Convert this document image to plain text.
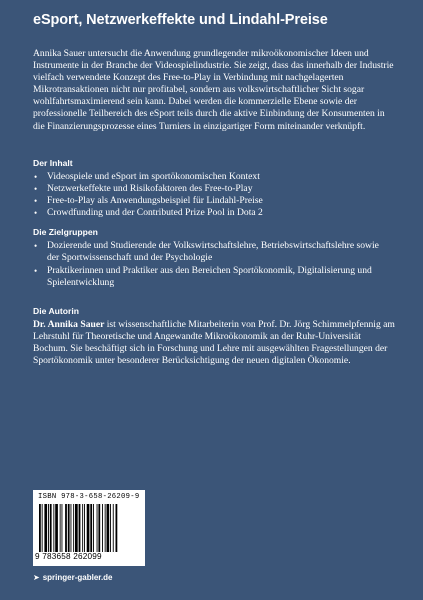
eSport, Netzwerkeffekte und Lindahl-Preise

Annika Sauer untersucht die Anwendung grundlegender mikroökonomischer Ideen und Instrumente in der Branche der Videospielindustrie. Sie zeigt, dass das innerhalb der Industrie vielfach verwendete Konzept des Free-to-Play in Verbindung mit nachgelagerten Mikrotransaktionen nicht nur profitabel, sondern aus volkswirtschaftlicher Sicht sogar wohlfahrtsmaximierend sein kann. Dabei werden die kommerzielle Ebene sowie der professionelle Teilbereich des eSport teils durch die aktive Einbindung der Konsumenten in die Finanzierungsprozesse eines Turniers in einzigartiger Form miteinander verknüpft.

Der Inhalt
• Videospiele und eSport im sportökonomischen Kontext
• Netzwerkeffekte und Risikofaktoren des Free-to-Play
• Free-to-Play als Anwendungsbeispiel für Lindahl-Preise
• Crowdfunding und der Contributed Prize Pool in Dota 2
Die Zielgruppen
• Dozierende und Studierende der Volkswirtschaftslehre, Betriebswirtschaftslehre sowie der Sportwissenschaft und der Psychologie
• Praktikerinnen und Praktiker aus den Bereichen Sportökonomik, Digitalisierung und Spielentwicklung
Die Autorin
Dr. Annika Sauer ist wissenschaftliche Mitarbeiterin von Prof. Dr. Jörg Schimmelpfennig am Lehrstuhl für Theoretische und Angewandte Mikroökonomik an der Ruhr-Universität Bochum. Sie beschäftigt sich in Forschung und Lehre mit ausgewählten Fragestellungen der Sportökonomik unter besonderer Berücksichtigung der neuen digitalen Ökonomie.
ISBN 978-3-658-26209-9
9 783658 262099
➤ springer-gabler.de
